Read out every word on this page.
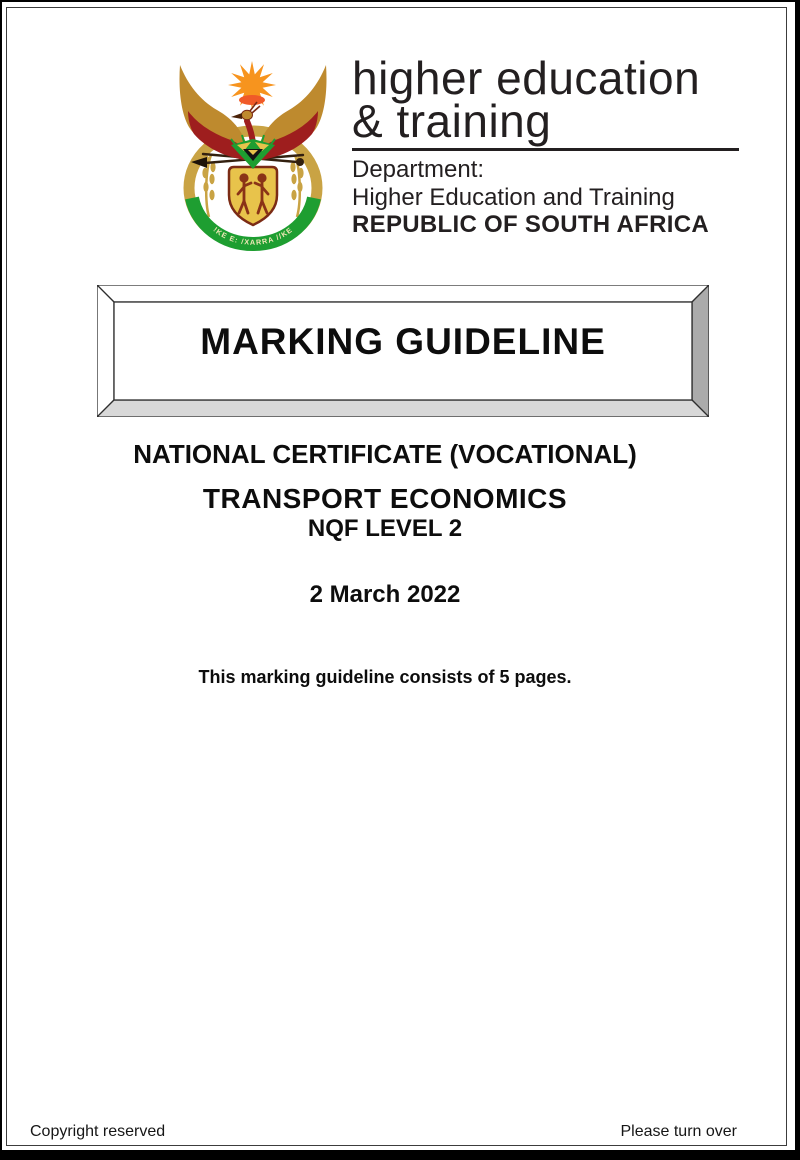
!KE E: /XARRA //KE
higher education
& training
Department:
Higher Education and Training
REPUBLIC OF SOUTH AFRICA
MARKING GUIDELINE
NATIONAL CERTIFICATE (VOCATIONAL)
TRANSPORT ECONOMICS
NQF LEVEL 2
2 March 2022
This marking guideline consists of 5 pages.
Copyright reserved	Please turn over
